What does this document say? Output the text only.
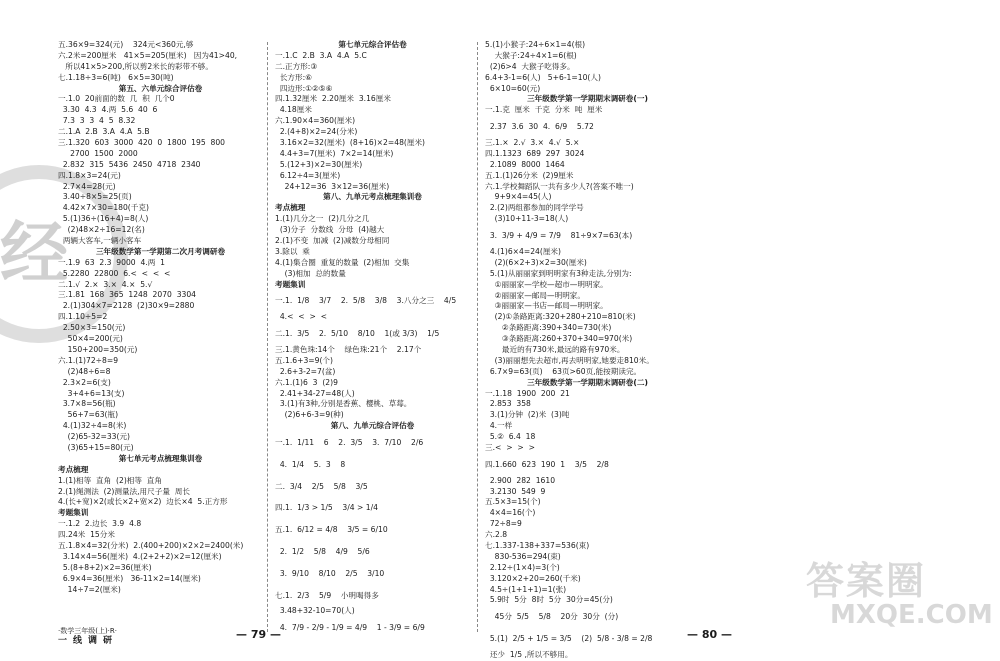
经
五.36×9=324(元)    324元<360元,够
六.2米=200厘米   41×5=205(厘米)   因为41>40,
所以41×5>200,所以剪2米长的彩带不够。
七.1.18÷3=6(吨)   6×5=30(吨)
第五、六单元综合评估卷
一.1.0  20前面的数  几  积  几个0
3.30  4.3  4.两  5.6  40  6
7.3  3  3  4  5  8.32
二.1.A  2.B  3.A  4.A  5.B
三.1.320  603  3000  420  0  1800  195  800
2700  1500  2000
2.832  315  5436  2450  4718  2340
四.1.8×3=24(元)
2.7×4=28(元)
3.40÷8×5=25(页)
4.42×7×30=180(千克)
5.(1)36÷(16+4)=8(人)
(2)48×2÷16=12(名)
两辆大客车,一辆小客车
三年级数学第一学期第二次月考调研卷
一.1.9  63  2.3  9000  4.两  1
5.2280  22800  6.<  <  <  <
二.1.√  2.×  3.×  4.×  5.√
三.1.81  168  365  1248  2070  3304
2.(1)304×7=2128  (2)30×9=2880
四.1.10÷5=2
2.50×3=150(元)
50×4=200(元)
150+200=350(元)
六.1.(1)72÷8=9
(2)48÷6=8
2.3×2=6(支)
3+4+6=13(支)
3.7×8=56(瓶)
56+7=63(瓶)
4.(1)32÷4=8(米)
(2)65-32=33(元)
(3)65+15=80(元)
第七单元考点梳理集训卷
考点梳理
1.(1)相等  直角  (2)相等  直角
2.(1)绳测法  (2)测量法,用尺子量  周长
4.(长+宽)×2(或长×2+宽×2)  边长×4  5.正方形
考题集训
一.1.2  2.边长  3.9  4.8
四.24米  15分米
五.1.8×4=32(分米)  2.(400+200)×2×2=2400(米)
3.14×4=56(厘米)  4.(2+2+2)×2=12(厘米)
5.(8+8+2)×2=36(厘米)
6.9×4=36(厘米)   36-11×2=14(厘米)
14÷7=2(厘米)
第七单元综合评估卷
一.1.C  2.B  3.A  4.A  5.C
二.正方形:③
长方形:⑥
四边形:①②⑤⑥
四.1.32厘米  2.20厘米  3.16厘米
4.18厘米
六.1.90×4=360(厘米)
2.(4+8)×2=24(分米)
3.16×2=32(厘米)  (8+16)×2=48(厘米)
4.4+3=7(厘米)  7×2=14(厘米)
5.(12+3)×2=30(厘米)
6.12÷4=3(厘米)
24+12=36  3×12=36(厘米)
第八、九单元考点梳理集训卷
考点梳理
1.(1)几分之一  (2)几分之几
(3)分子  分数线  分母  (4)越大
2.(1)不变  加减  (2)减数分母相同
3.除以  乘
4.(1)集合圈  重复的数量  (2)相加  交集
(3)相加  总的数量
考题集训
一.1.  1/8    3/7    2.  5/8    3/8    3.八分之三    4/5
4.<  <  >  <
二.1.  3/5    2.  5/10    8/10    1(或 3/3)    1/5
三.1.黄色珠:14个    绿色珠:21个    2.17个
五.1.6+3=9(个)
2.6+3-2=7(盆)
六.1.(1)6  3  (2)9
2.41+34-27=48(人)
3.(1)有3种,分别是香蕉、樱桃、草莓。
(2)6+6-3=9(种)
第八、九单元综合评估卷
一.1.  1/11    6    2.  3/5    3.  7/10    2/6
4.  1/4    5.  3    8
二.  3/4    2/5    5/8    3/5
四.1.  1/3 > 1/5    3/4 > 1/4
五.1.  6/12 = 4/8    3/5 = 6/10
2.  1/2    5/8    4/9    5/6
3.  9/10    8/10    2/5    3/10
七.1.  2/3    5/9    小明喝得多
3.48+32-10=70(人)
4.  7/9 - 2/9 - 1/9 = 4/9    1 - 3/9 = 6/9
5.(1)小猴子:24÷6×1=4(根)
大猴子:24÷4×1=6(根)
(2)6>4  大猴子吃得多。
6.4+3-1=6(人)   5+6-1=10(人)
6×10=60(元)
三年级数学第一学期期末调研卷(一)
一.1.克  厘米  千克  分米  吨  厘米
2.37  3.6  30  4.  6/9    5.72
三.1.×  2.√  3.×  4.√  5.×
四.1.1323  689  297  3024
2.1089  8000  1464
五.1.(1)26分米  (2)9厘米
六.1.学校舞蹈队一共有多少人?(答案不唯一)
9+9×4=45(人)
2.(2)两组都参加的同学学号
(3)10+11-3=18(人)
3.  3/9 + 4/9 = 7/9    81÷9×7=63(本)
4.(1)6×4=24(厘米)
(2)(6×2+3)×2=30(厘米)
5.(1)从丽丽家到明明家有3种走法,分别为:
①丽丽家—学校—超市—明明家。
②丽丽家—邮局—明明家。
③丽丽家—书店—邮局—明明家。
(2)①条路距离:320+280+210=810(米)
②条路距离:390+340=730(米)
③条路距离:260+370+340=970(米)
最近的有730米,最远的路有970米。
(3)丽丽想先去超市,再去明明家,她要走810米。
6.7×9=63(页)    63页>60页,能按期读完。
三年级数学第一学期期末调研卷(二)
一.1.18  1900  200  21
2.853  358
3.(1)分钟  (2)米  (3)吨
4.一样
5.②  6.4  18
三.<  >  >  >
四.1.660  623  190  1    3/5    2/8
2.900  282  1610
3.2130  549  9
五.5×3=15(个)
4×4=16(个)
72÷8=9
六.2.8
七.1.337-138+337=536(束)
830-536=294(束)
2.12÷(1×4)=3(个)
3.120×2+20=260(千米)
4.5÷(1+1+1)=1(张)
5.9时  5分  8时  5分  30分=45(分)
45分  5/5    5/8    20分  30分  (分)
5.(1)  2/5 + 1/5 = 3/5    (2)  5/8 - 3/8 = 2/8
还少  1/5 ,所以不够用。
·数学三年级(上)·R·
一线调研	— 79 —	— 80 —
答案圈
MXQE.COM
